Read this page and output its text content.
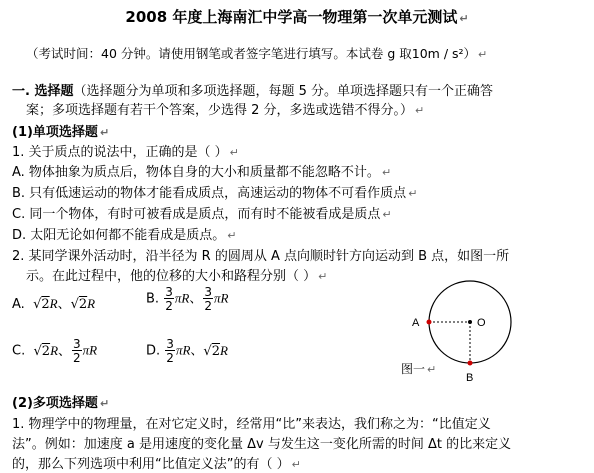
2008 年度上海南汇中学高一物理第一次单元测试 ↵
（考试时间：40 分钟。请使用钢笔或者签字笔进行填写。本试卷 g 取10m / s²） ↵
一. 选择题（选择题分为单项和多项选择题，每题 5 分。单项选择题只有一个正确答
案；多项选择题有若干个答案，少选得 2 分，多选或选错不得分。） ↵
(1)单项选择题 ↵
1. 关于质点的说法中，正确的是（ ） ↵
A. 物体抽象为质点后，物体自身的大小和质量都不能忽略不计。 ↵
B. 只有低速运动的物体才能看成质点，高速运动的物体不可看作质点 ↵
C. 同一个物体，有时可被看成是质点，而有时不能被看成是质点 ↵
D. 太阳无论如何都不能看成是质点。 ↵
2. 某同学课外活动时，沿半径为 R 的圆周从 A 点向顺时针方向运动到 B 点，如图一所
示。在此过程中，他的位移的大小和路程分别（ ） ↵
A.  √2R、√2R	B. $\frac{3}{2}$ πR、 $\frac{3}{2}$ πR
C.  √2R、 $\frac{3}{2}$ πR	D. $\frac{3}{2}$ πR、√2R
A	O
B
图一 ↵
(2)多项选择题 ↵
1. 物理学中的物理量，在对它定义时，经常用“比”来表达，我们称之为：“比值定义
法”。例如：加速度 a 是用速度的变化量 Δv 与发生这一变化所需的时间 Δt 的比来定义
的，那么下列选项中利用“比值定义法”的有（ ） ↵
